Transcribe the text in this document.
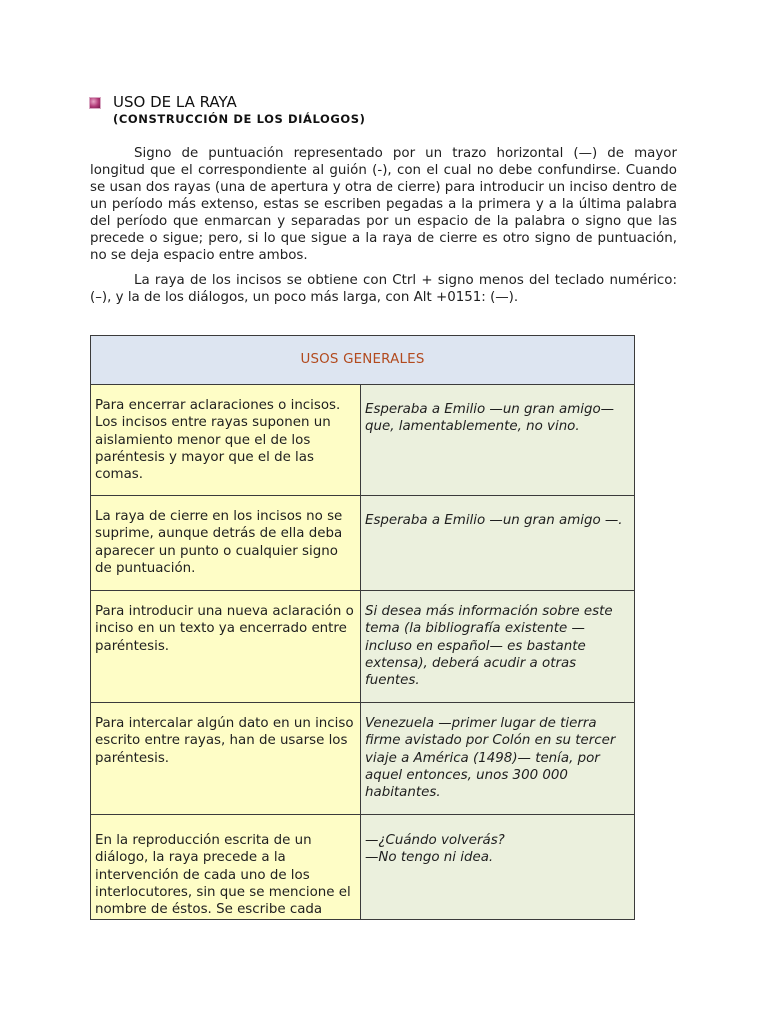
USO DE LA RAYA
(CONSTRUCCIÓN DE LOS DIÁLOGOS)

Signo de puntuación representado por un trazo horizontal (—) de mayor longitud que el correspondiente al guión (-), con el cual no debe confundirse. Cuando se usan dos rayas (una de apertura y otra de cierre) para introducir un inciso dentro de un período más extenso, estas se escriben pegadas a la primera y a la última palabra del período que enmarcan y separadas por un espacio de la palabra o signo que las precede o sigue; pero, si lo que sigue a la raya de cierre es otro signo de puntuación, no se deja espacio entre ambos.

La raya de los incisos se obtiene con Ctrl + signo menos del teclado numérico: (–), y la de los diálogos, un poco más larga, con Alt +0151: (—).

USOS GENERALES	

Para encerrar aclaraciones o incisos. Los incisos entre rayas suponen un aislamiento menor que el de los paréntesis y mayor que el de las comas.	Esperaba a Emilio —un gran amigo— que, lamentablemente, no vino.

La raya de cierre en los incisos no se suprime, aunque detrás de ella deba aparecer un punto o cualquier signo de puntuación.	Esperaba a Emilio —un gran amigo —.

Para introducir una nueva aclaración o inciso en un texto ya encerrado entre paréntesis.	Si desea más información sobre este tema (la bibliografía existente —incluso en español— es bastante extensa), deberá acudir a otras fuentes.

Para intercalar algún dato en un inciso escrito entre rayas, han de usarse los paréntesis.	Venezuela —primer lugar de tierra firme avistado por Colón en su tercer viaje a América (1498)— tenía, por aquel entonces, unos 300 000 habitantes.

En la reproducción escrita de un diálogo, la raya precede a la intervención de cada uno de los interlocutores, sin que se mencione el nombre de éstos. Se escribe cada	—¿Cuándo volverás?
—No tengo ni idea.
